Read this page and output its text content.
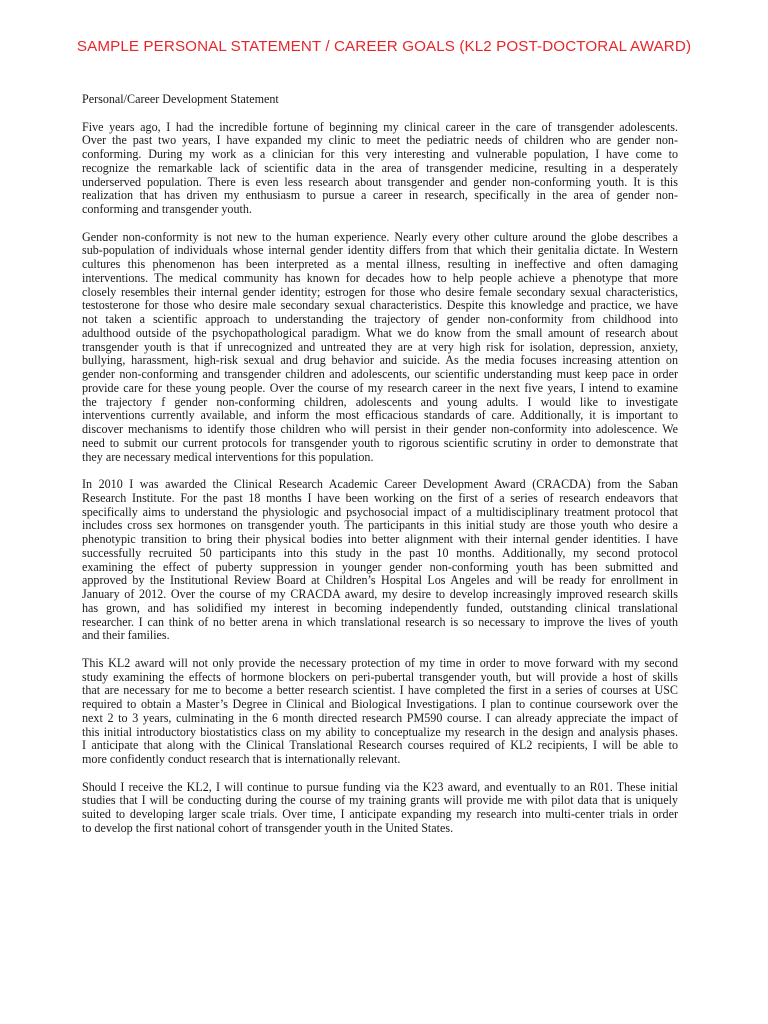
SAMPLE PERSONAL STATEMENT / CAREER GOALS (KL2 POST-DOCTORAL AWARD)
Personal/Career Development Statement

Five years ago, I had the incredible fortune of beginning my clinical career in the care of transgender adolescents.
Over the past two years, I have expanded my clinic to meet the pediatric needs of children who are gender non-
conforming. During my work as a clinician for this very interesting and vulnerable population, I have come to
recognize the remarkable lack of scientific data in the area of transgender medicine, resulting in a desperately
underserved population. There is even less research about transgender and gender non-conforming youth. It is this
realization that has driven my enthusiasm to pursue a career in research, specifically in the area of gender non-
conforming and transgender youth.

Gender non-conformity is not new to the human experience. Nearly every other culture around the globe describes a
sub-population of individuals whose internal gender identity differs from that which their genitalia dictate. In Western
cultures this phenomenon has been interpreted as a mental illness, resulting in ineffective and often damaging
interventions. The medical community has known for decades how to help people achieve a phenotype that more
closely resembles their internal gender identity; estrogen for those who desire female secondary sexual characteristics,
testosterone for those who desire male secondary sexual characteristics. Despite this knowledge and practice, we have
not taken a scientific approach to understanding the trajectory of gender non-conformity from childhood into
adulthood outside of the psychopathological paradigm. What we do know from the small amount of research about
transgender youth is that if unrecognized and untreated they are at very high risk for isolation, depression, anxiety,
bullying, harassment, high-risk sexual and drug behavior and suicide. As the media focuses increasing attention on
gender non-conforming and transgender children and adolescents, our scientific understanding must keep pace in order
provide care for these young people. Over the course of my research career in the next five years, I intend to examine
the trajectory f gender non-conforming children, adolescents and young adults. I would like to investigate
interventions currently available, and inform the most efficacious standards of care. Additionally, it is important to
discover mechanisms to identify those children who will persist in their gender non-conformity into adolescence. We
need to submit our current protocols for transgender youth to rigorous scientific scrutiny in order to demonstrate that
they are necessary medical interventions for this population.

In 2010 I was awarded the Clinical Research Academic Career Development Award (CRACDA) from the Saban
Research Institute. For the past 18 months I have been working on the first of a series of research endeavors that
specifically aims to understand the physiologic and psychosocial impact of a multidisciplinary treatment protocol that
includes cross sex hormones on transgender youth. The participants in this initial study are those youth who desire a
phenotypic transition to bring their physical bodies into better alignment with their internal gender identities. I have
successfully recruited 50 participants into this study in the past 10 months. Additionally, my second protocol
examining the effect of puberty suppression in younger gender non-conforming youth has been submitted and
approved by the Institutional Review Board at Children’s Hospital Los Angeles and will be ready for enrollment in
January of 2012. Over the course of my CRACDA award, my desire to develop increasingly improved research skills
has grown, and has solidified my interest in becoming independently funded, outstanding clinical translational
researcher. I can think of no better arena in which translational research is so necessary to improve the lives of youth
and their families.

This KL2 award will not only provide the necessary protection of my time in order to move forward with my second
study examining the effects of hormone blockers on peri-pubertal transgender youth, but will provide a host of skills
that are necessary for me to become a better research scientist. I have completed the first in a series of courses at USC
required to obtain a Master’s Degree in Clinical and Biological Investigations. I plan to continue coursework over the
next 2 to 3 years, culminating in the 6 month directed research PM590 course. I can already appreciate the impact of
this initial introductory biostatistics class on my ability to conceptualize my research in the design and analysis phases.
I anticipate that along with the Clinical Translational Research courses required of KL2 recipients, I will be able to
more confidently conduct research that is internationally relevant.

Should I receive the KL2, I will continue to pursue funding via the K23 award, and eventually to an R01. These initial
studies that I will be conducting during the course of my training grants will provide me with pilot data that is uniquely
suited to developing larger scale trials. Over time, I anticipate expanding my research into multi-center trials in order
to develop the first national cohort of transgender youth in the United States.
